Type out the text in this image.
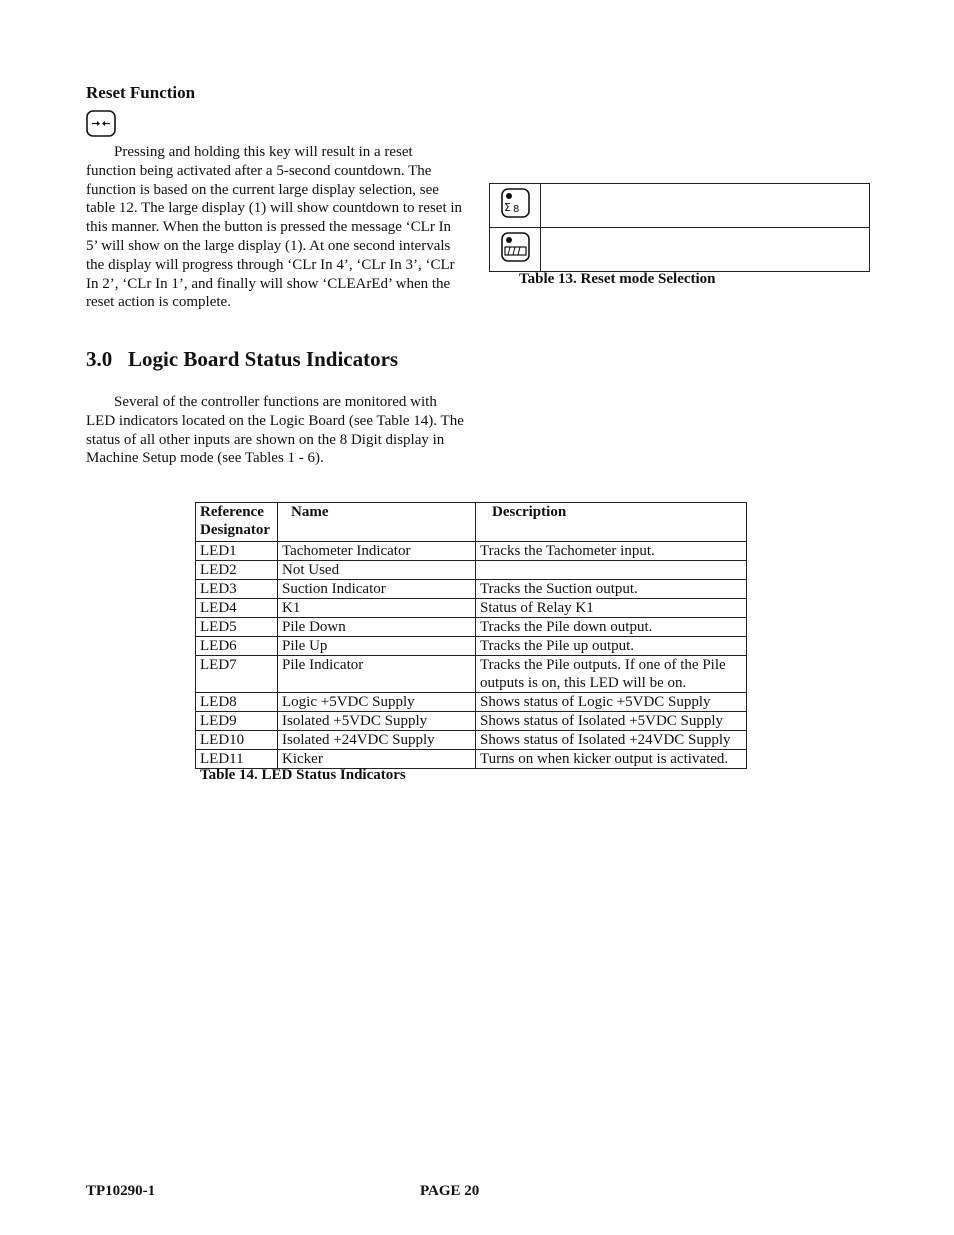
Reset Function
Pressing and holding this key will result in a reset function being activated after a 5-second countdown. The function is based on the current large display selection, see table 12. The large display (1) will show countdown to reset in this manner. When the button is pressed the message ‘CLr In 5’ will show on the large display (1). At one second intervals the display will progress through ‘CLr In 4’, ‘CLr In 3’, ‘CLr In 2’, ‘CLr In 1’, and finally will show ‘CLEArEd’ when the reset action is complete.
Σ 8	

Table 13. Reset mode Selection
3.0 Logic Board Status Indicators
Several of the controller functions are monitored with LED indicators located on the Logic Board (see Table 14). The status of all other inputs are shown on the 8 Digit display in Machine Setup mode (see Tables 1 - 6).
Reference Designator	Name	Description
LED1	Tachometer Indicator	Tracks the Tachometer input.
LED2	Not Used	
LED3	Suction Indicator	Tracks the Suction output.
LED4	K1	Status of Relay K1
LED5	Pile Down	Tracks the Pile down output.
LED6	Pile Up	Tracks the Pile up output.
LED7	Pile Indicator	Tracks the Pile outputs. If one of the Pile outputs is on, this LED will be on.
LED8	Logic +5VDC Supply	Shows status of Logic +5VDC Supply
LED9	Isolated +5VDC Supply	Shows status of Isolated +5VDC Supply
LED10	Isolated +24VDC Supply	Shows status of Isolated +24VDC Supply
LED11	Kicker	Turns on when kicker output is activated.
Table 14. LED Status Indicators
TP10290-1	PAGE 20
